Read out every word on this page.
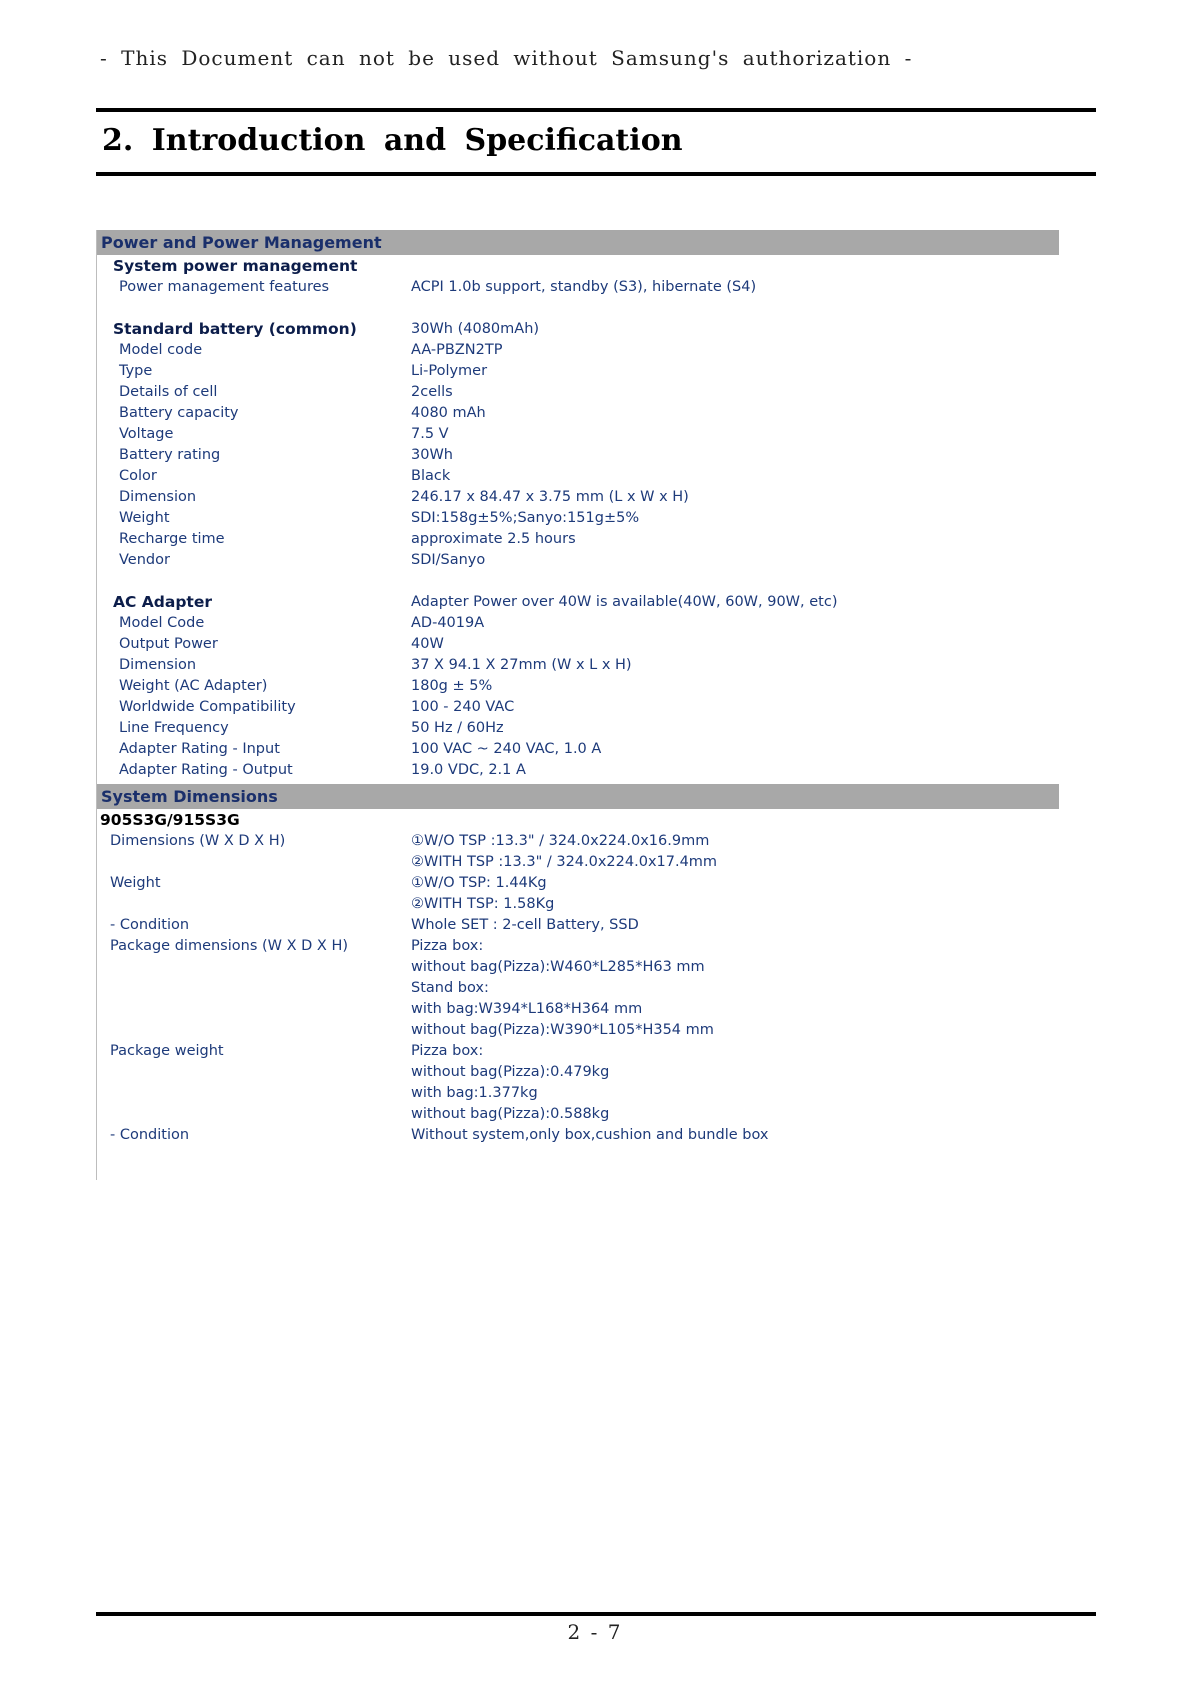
- This Document can not be used without Samsung's authorization -
2. Introduction and Specification
Power and Power Management
System Dimensions
System power management
Power management features	ACPI 1.0b support, standby (S3), hibernate (S4)
Standard battery (common)	30Wh (4080mAh)
Model code	AA-PBZN2TP
Type	Li-Polymer
Details of cell	2cells
Battery capacity	4080 mAh
Voltage	7.5 V
Battery rating	30Wh
Color	Black
Dimension	246.17 x 84.47 x 3.75 mm (L x W x H)
Weight	SDI:158g±5%;Sanyo:151g±5%
Recharge time	approximate 2.5 hours
Vendor	SDI/Sanyo
AC Adapter	Adapter Power over 40W is available(40W, 60W, 90W, etc)
Model Code	AD-4019A
Output Power	40W
Dimension	37 X 94.1 X 27mm (W x L x H)
Weight (AC Adapter)	180g ± 5%
Worldwide Compatibility	100 - 240 VAC
Line Frequency	50 Hz / 60Hz
Adapter Rating - Input	100 VAC ~ 240 VAC, 1.0 A
Adapter Rating - Output	19.0 VDC, 2.1 A
905S3G/915S3G
Dimensions (W X D X H)	①W/O TSP :13.3" / 324.0x224.0x16.9mm
②WITH TSP :13.3" / 324.0x224.0x17.4mm
Weight	①W/O TSP: 1.44Kg
②WITH TSP: 1.58Kg
- Condition	Whole SET : 2-cell Battery, SSD
Package dimensions (W X D X H)	Pizza box:
without bag(Pizza):W460*L285*H63 mm
Stand box:
with bag:W394*L168*H364 mm
without bag(Pizza):W390*L105*H354 mm
Package weight	Pizza box:
without bag(Pizza):0.479kg
with bag:1.377kg
without bag(Pizza):0.588kg
- Condition	Without system,only box,cushion and bundle box
2 - 7
